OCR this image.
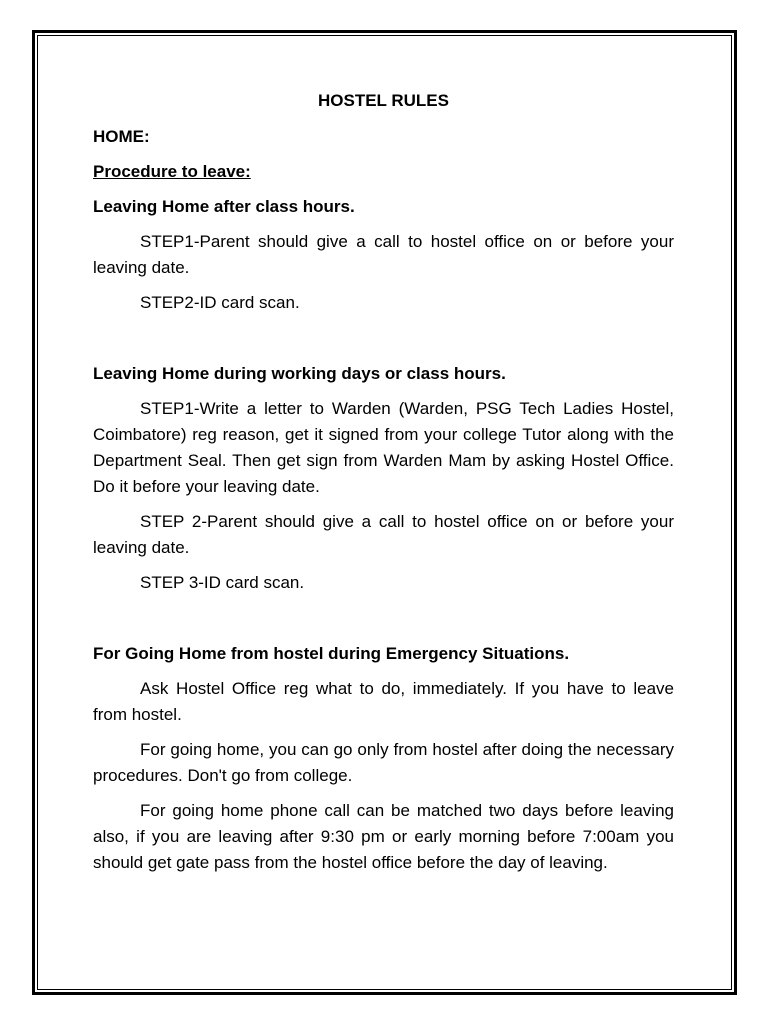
HOSTEL RULES

HOME:

Procedure to leave:

Leaving Home after class hours.

STEP1-Parent should give a call to hostel office on or before your leaving date.

STEP2-ID card scan.

Leaving Home during working days or class hours.

STEP1-Write a letter to Warden (Warden, PSG Tech Ladies Hostel, Coimbatore) reg reason, get it signed from your college Tutor along with the Department Seal. Then get sign from Warden Mam by asking Hostel Office. Do it before your leaving date.

STEP 2-Parent should give a call to hostel office on or before your leaving date.

STEP 3-ID card scan.

For Going Home from hostel during Emergency Situations.

Ask Hostel Office reg what to do, immediately. If you have to leave from hostel.

For going home, you can go only from hostel after doing the necessary procedures. Don't go from college.

For going home phone call can be matched two days before leaving also, if you are leaving after 9:30 pm or early morning before 7:00am you should get gate pass from the hostel office before the day of leaving.
